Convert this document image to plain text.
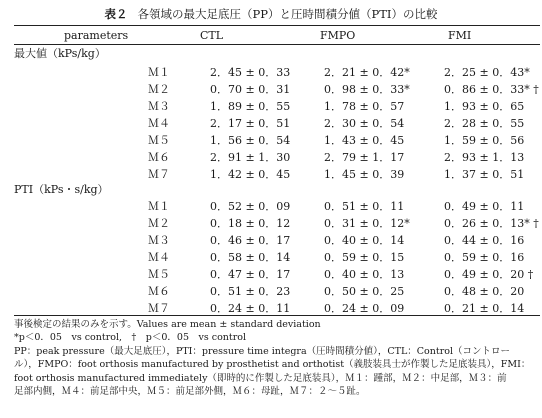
表２ 各領域の最大足底圧（PP）と圧時間積分値（PTI）の比較
parameters	CTL	FMPO	FMI
最大値（kPs/kg）
Ｍ１	2．45 ± 0．33	2．21 ± 0．42*	2．25 ± 0．43*
Ｍ２	0．70 ± 0．31	0．98 ± 0．33*	0．86 ± 0．33* †
Ｍ３	1．89 ± 0．55	1．78 ± 0．57	1．93 ± 0．65
Ｍ４	2．17 ± 0．51	2．30 ± 0．54	2．28 ± 0．55
Ｍ５	1．56 ± 0．54	1．43 ± 0．45	1．59 ± 0．56
Ｍ６	2．91 ± 1．30	2．79 ± 1．17	2．93 ± 1．13
Ｍ７	1．42 ± 0．45	1．45 ± 0．39	1．37 ± 0．51
PTI（kPs・s/kg）
Ｍ１	0．52 ± 0．09	0．51 ± 0．11	0．49 ± 0．11
Ｍ２	0．18 ± 0．12	0．31 ± 0．12*	0．26 ± 0．13* †
Ｍ３	0．46 ± 0．17	0．40 ± 0．14	0．44 ± 0．16
Ｍ４	0．58 ± 0．14	0．59 ± 0．15	0．59 ± 0．16
Ｍ５	0．47 ± 0．17	0．40 ± 0．13	0．49 ± 0．20 †
Ｍ６	0．51 ± 0．23	0．50 ± 0．25	0．48 ± 0．20
Ｍ７	0．24 ± 0．11	0．24 ± 0．09	0．21 ± 0．14

事後検定の結果のみを示す。Values are mean ± standard deviation

*p＜0．05　vs control,　†　p＜0．05　vs control

PP：peak pressure（最大足底圧），PTI：pressure time integra（圧時間積分値），CTL：Control（コントロー

ル），FMPO：foot orthosis manufactured by prosthetist and orthotist（義肢装具士が作製した足底装具），FMI：

foot orthosis manufactured immediately（即時的に作製した足底装具），Ｍ１：踵部，Ｍ２：中足部，Ｍ３：前

足部内側，Ｍ４：前足部中央，Ｍ５：前足部外側，Ｍ６：母趾，Ｍ７：２～５趾。
